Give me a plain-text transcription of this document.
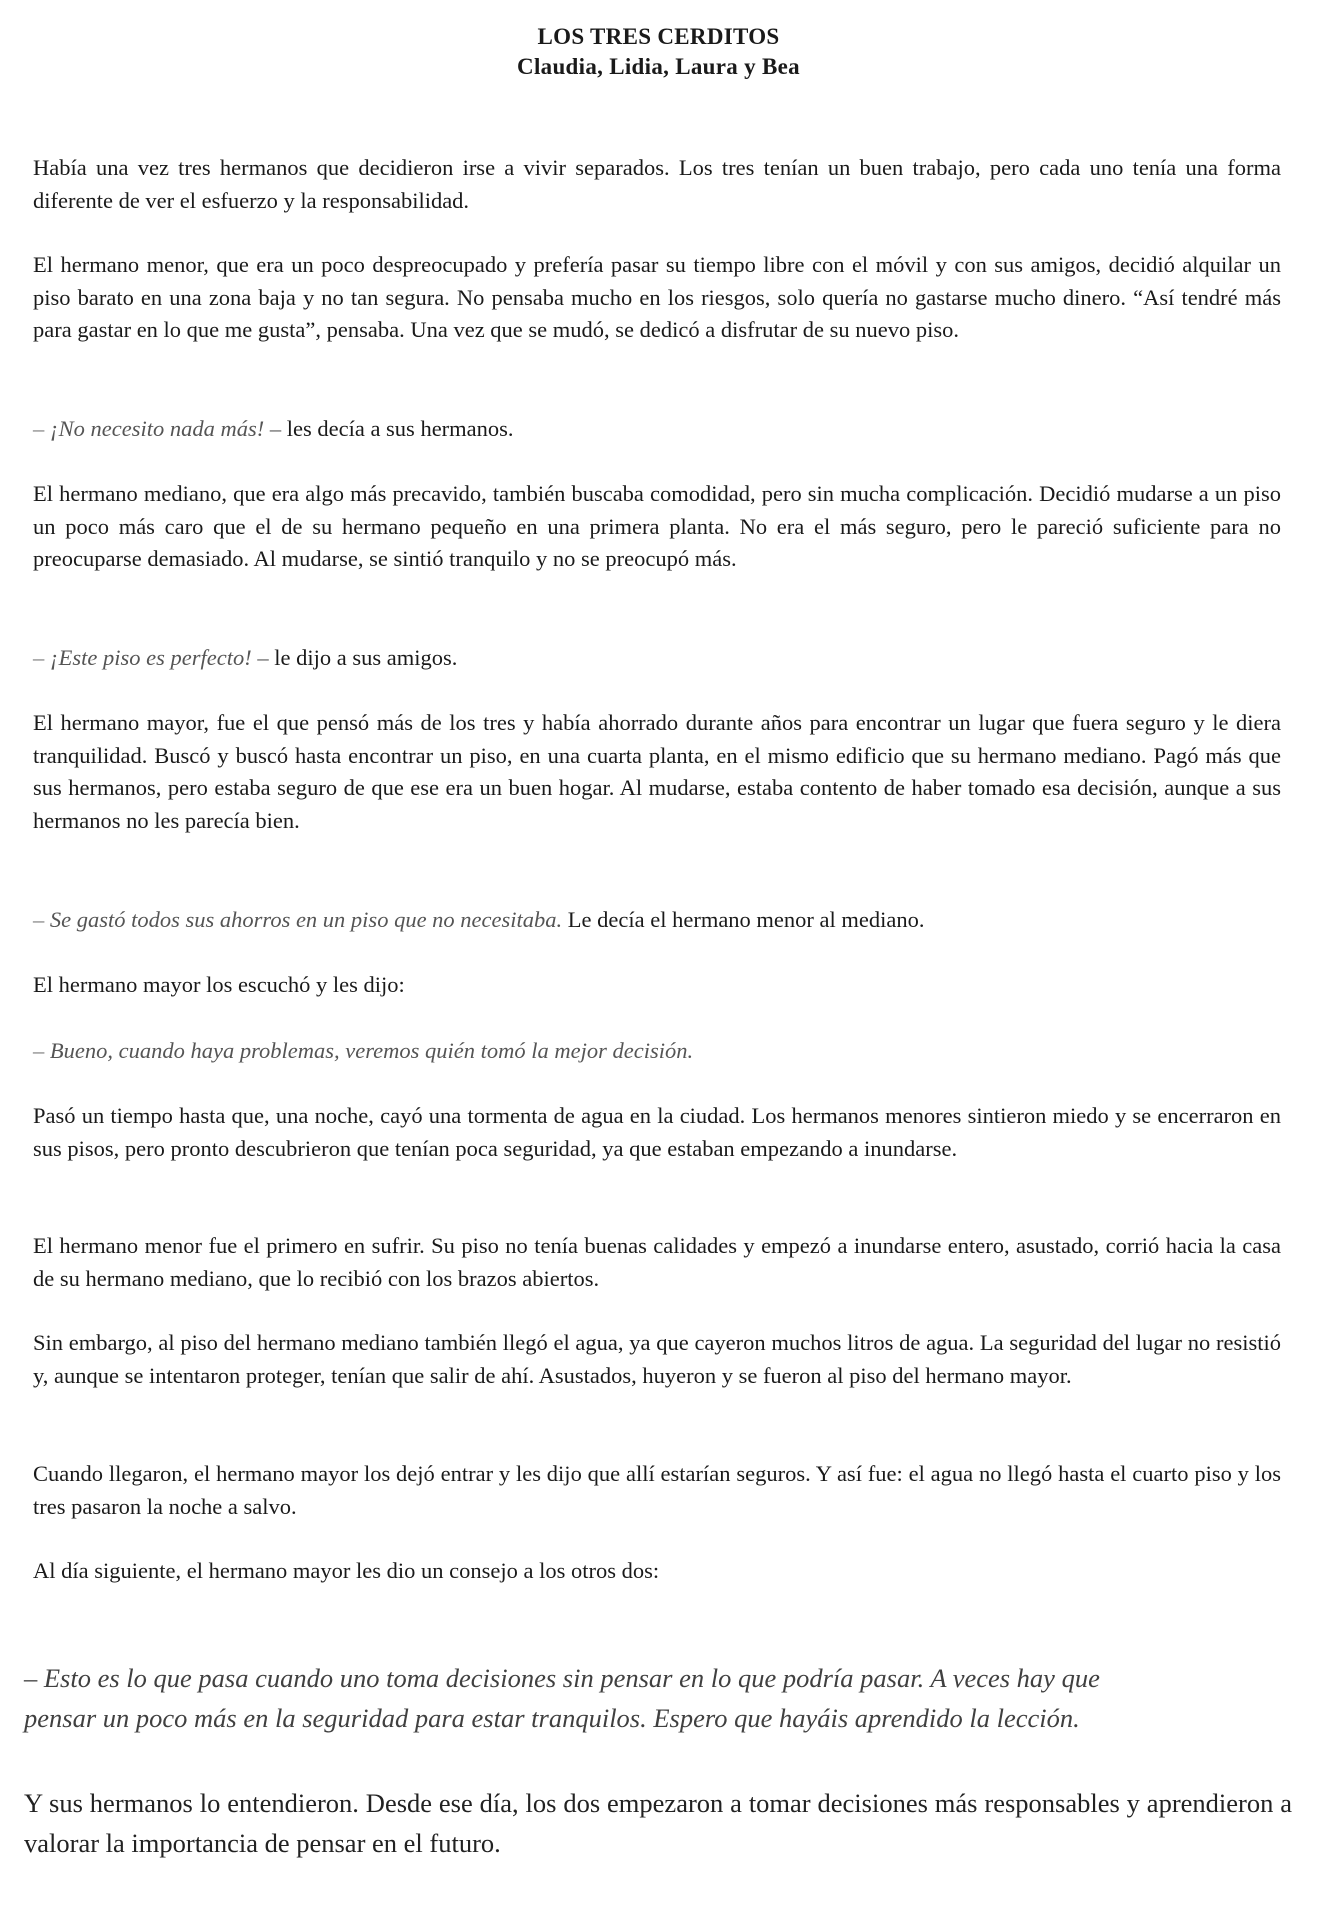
LOS TRES CERDITOS
Claudia, Lidia, Laura y Bea

Había una vez tres hermanos que decidieron irse a vivir separados. Los tres tenían un buen trabajo, pero cada uno tenía una forma diferente de ver el esfuerzo y la responsabilidad.

El hermano menor, que era un poco despreocupado y prefería pasar su tiempo libre con el móvil y con sus amigos, decidió alquilar un piso barato en una zona baja y no tan segura. No pensaba mucho en los riesgos, solo quería no gastarse mucho dinero. “Así tendré más para gastar en lo que me gusta”, pensaba. Una vez que se mudó, se dedicó a disfrutar de su nuevo piso.

– ¡No necesito nada más! – les decía a sus hermanos.

El hermano mediano, que era algo más precavido, también buscaba comodidad, pero sin mucha complicación. Decidió mudarse a un piso un poco más caro que el de su hermano pequeño en una primera planta. No era el más seguro, pero le pareció suficiente para no preocuparse demasiado. Al mudarse, se sintió tranquilo y no se preocupó más.

– ¡Este piso es perfecto! – le dijo a sus amigos.

El hermano mayor, fue el que pensó más de los tres y había ahorrado durante años para encontrar un lugar que fuera seguro y le diera tranquilidad. Buscó y buscó hasta encontrar un piso, en una cuarta planta, en el mismo edificio que su hermano mediano. Pagó más que sus hermanos, pero estaba seguro de que ese era un buen hogar. Al mudarse, estaba contento de haber tomado esa decisión, aunque a sus hermanos no les parecía bien.

– Se gastó todos sus ahorros en un piso que no necesitaba. Le decía el hermano menor al mediano.

El hermano mayor los escuchó y les dijo:

– Bueno, cuando haya problemas, veremos quién tomó la mejor decisión.

Pasó un tiempo hasta que, una noche, cayó una tormenta de agua en la ciudad. Los hermanos menores sintieron miedo y se encerraron en sus pisos, pero pronto descubrieron que tenían poca seguridad, ya que estaban empezando a inundarse.

El hermano menor fue el primero en sufrir. Su piso no tenía buenas calidades y empezó a inundarse entero, asustado, corrió hacia la casa de su hermano mediano, que lo recibió con los brazos abiertos.

Sin embargo, al piso del hermano mediano también llegó el agua, ya que cayeron muchos litros de agua. La seguridad del lugar no resistió y, aunque se intentaron proteger, tenían que salir de ahí. Asustados, huyeron y se fueron al piso del hermano mayor.

Cuando llegaron, el hermano mayor los dejó entrar y les dijo que allí estarían seguros. Y así fue: el agua no llegó hasta el cuarto piso y los tres pasaron la noche a salvo.

Al día siguiente, el hermano mayor les dio un consejo a los otros dos:

– Esto es lo que pasa cuando uno toma decisiones sin pensar en lo que podría pasar. A veces hay que
pensar un poco más en la seguridad para estar tranquilos. Espero que hayáis aprendido la lección.

Y sus hermanos lo entendieron. Desde ese día, los dos empezaron a tomar decisiones más responsables y aprendieron a valorar la importancia de pensar en el futuro.
